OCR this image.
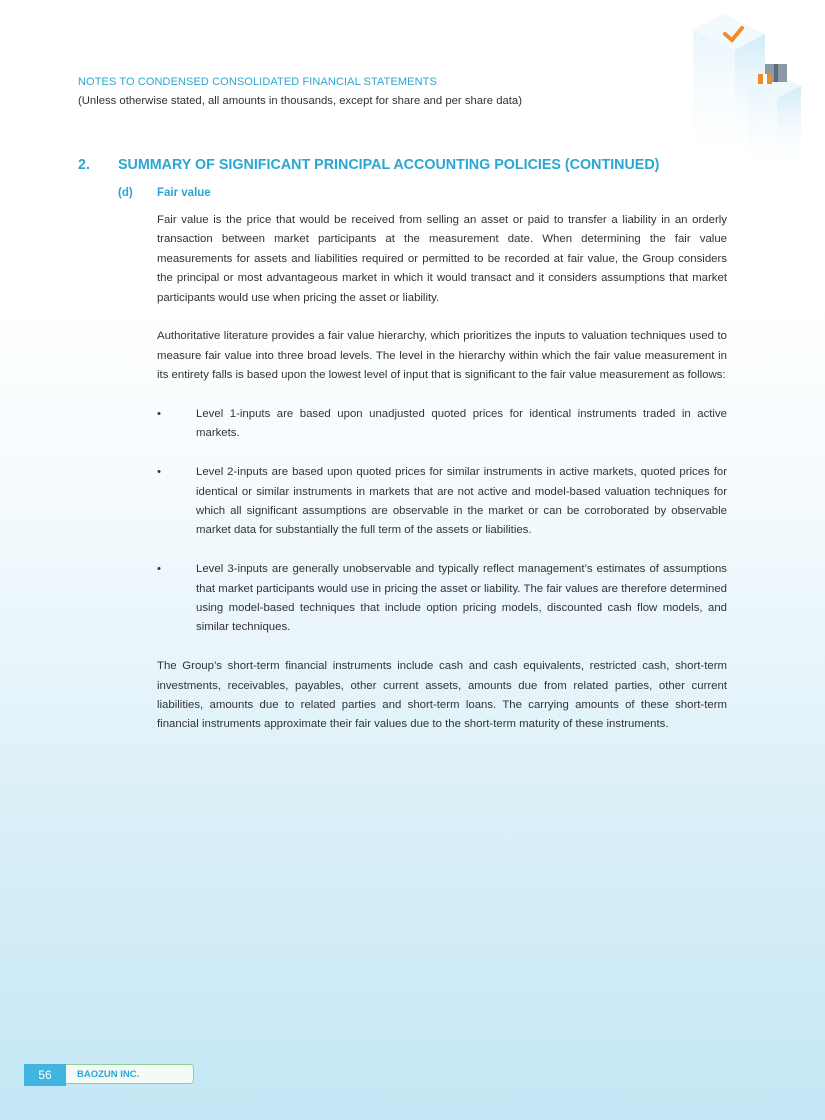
NOTES TO CONDENSED CONSOLIDATED FINANCIAL STATEMENTS
(Unless otherwise stated, all amounts in thousands, except for share and per share data)
2. SUMMARY OF SIGNIFICANT PRINCIPAL ACCOUNTING POLICIES (CONTINUED)
(d) Fair value

Fair value is the price that would be received from selling an asset or paid to transfer a liability in an orderly transaction between market participants at the measurement date. When determining the fair value measurements for assets and liabilities required or permitted to be recorded at fair value, the Group considers the principal or most advantageous market in which it would transact and it considers assumptions that market participants would use when pricing the asset or liability.

Authoritative literature provides a fair value hierarchy, which prioritizes the inputs to valuation techniques used to measure fair value into three broad levels. The level in the hierarchy within which the fair value measurement in its entirety falls is based upon the lowest level of input that is significant to the fair value measurement as follows:

•	Level 1-inputs are based upon unadjusted quoted prices for identical instruments traded in active markets.
•	Level 2-inputs are based upon quoted prices for similar instruments in active markets, quoted prices for identical or similar instruments in markets that are not active and model-based valuation techniques for which all significant assumptions are observable in the market or can be corroborated by observable market data for substantially the full term of the assets or liabilities.
•	Level 3-inputs are generally unobservable and typically reflect management’s estimates of assumptions that market participants would use in pricing the asset or liability. The fair values are therefore determined using model-based techniques that include option pricing models, discounted cash flow models, and similar techniques.

The Group’s short-term financial instruments include cash and cash equivalents, restricted cash, short-term investments, receivables, payables, other current assets, amounts due from related parties, other current liabilities, amounts due to related parties and short-term loans. The carrying amounts of these short-term financial instruments approximate their fair values due to the short-term maturity of these instruments.

56	BAOZUN INC.
